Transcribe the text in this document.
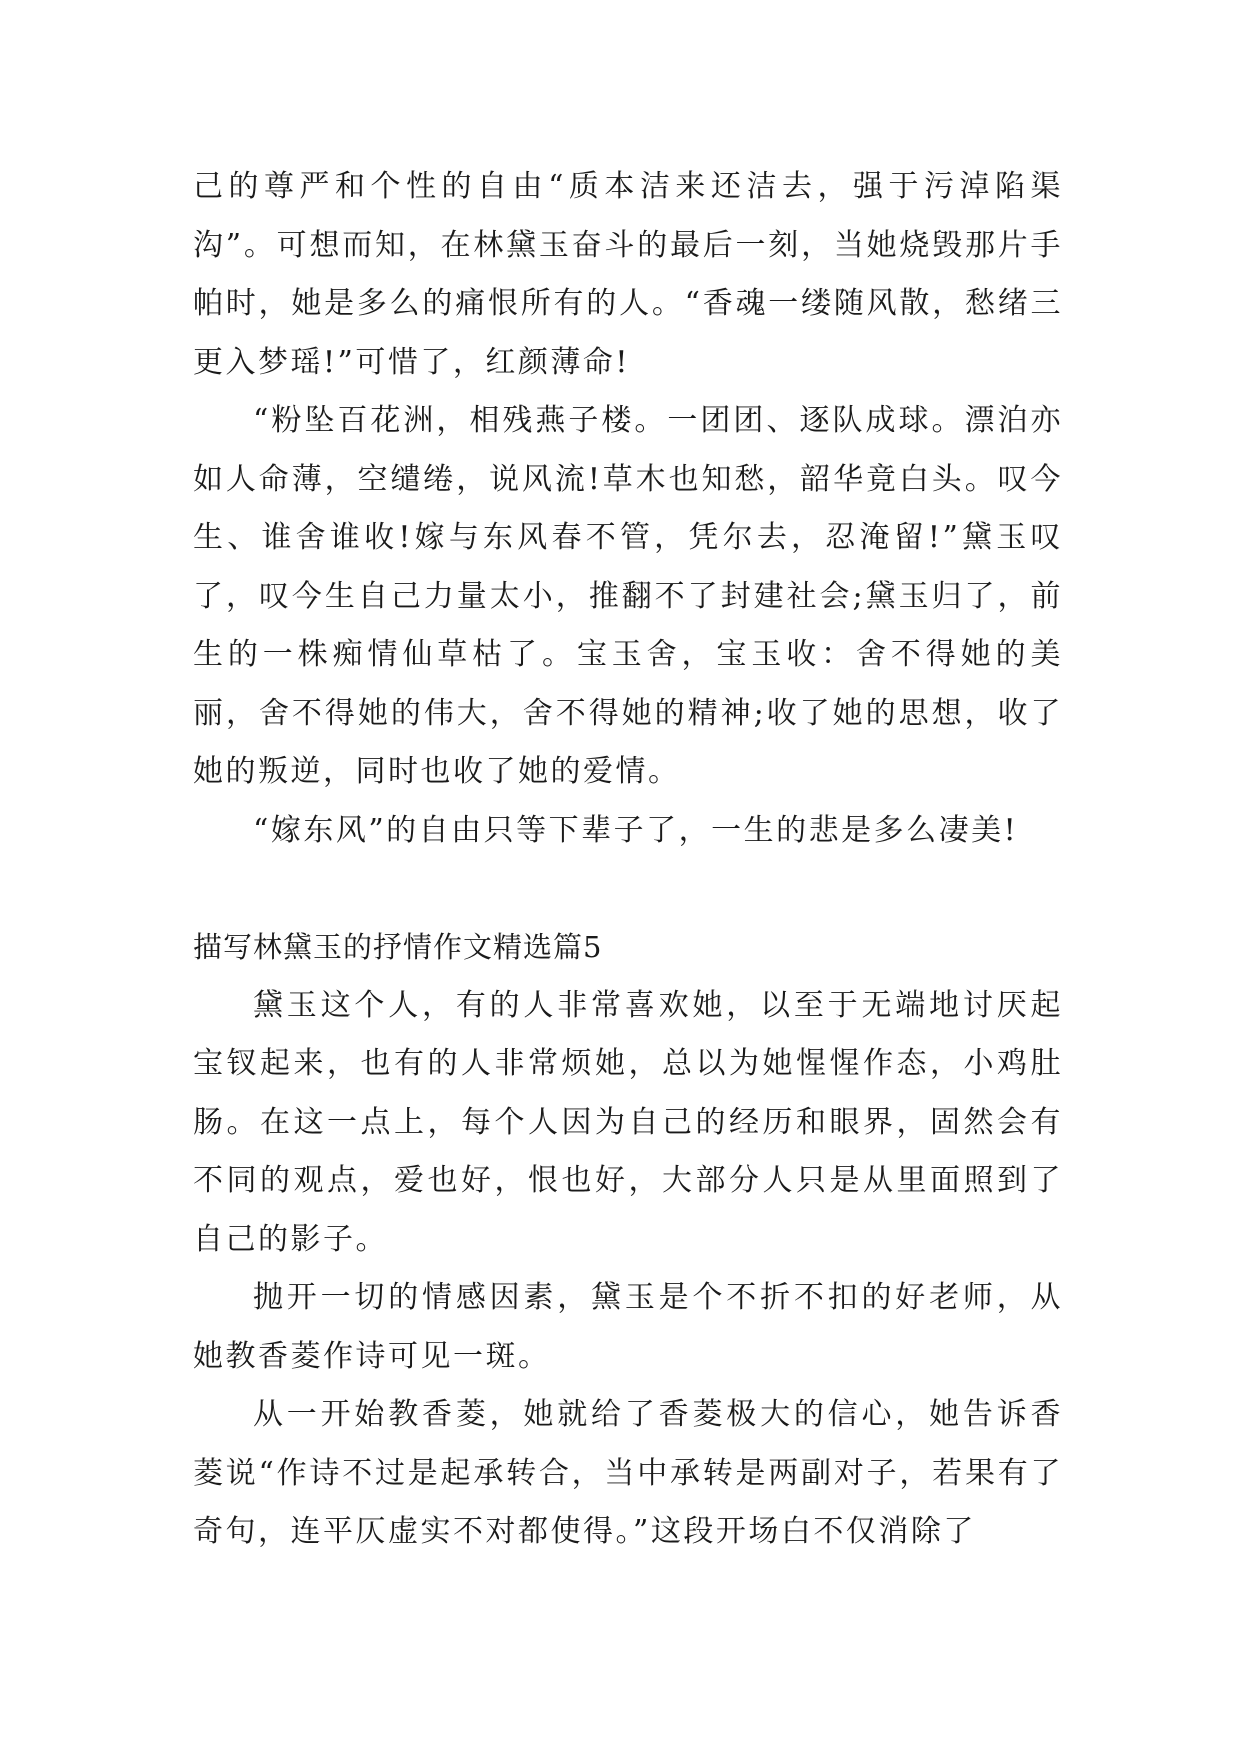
己的尊严和个性的自由“质本洁来还洁去，强于污淖陷渠沟”。可想而知，在林黛玉奋斗的最后一刻，当她烧毁那片手帕时，她是多么的痛恨所有的人。“香魂一缕随风散，愁绪三更入梦瑶!”可惜了，红颜薄命!

“粉坠百花洲，相残燕子楼。一团团、逐队成球。漂泊亦如人命薄，空缱绻，说风流!草木也知愁，韶华竟白头。叹今生、谁舍谁收!嫁与东风春不管，凭尔去，忍淹留!”黛玉叹了，叹今生自己力量太小，推翻不了封建社会;黛玉归了，前生的一株痴情仙草枯了。宝玉舍，宝玉收：舍不得她的美丽，舍不得她的伟大，舍不得她的精神;收了她的思想，收了她的叛逆，同时也收了她的爱情。

“嫁东风”的自由只等下辈子了，一生的悲是多么凄美!

描写林黛玉的抒情作文精选篇5

黛玉这个人，有的人非常喜欢她，以至于无端地讨厌起宝钗起来，也有的人非常烦她，总以为她惺惺作态，小鸡肚肠。在这一点上，每个人因为自己的经历和眼界，固然会有不同的观点，爱也好，恨也好，大部分人只是从里面照到了自己的影子。

抛开一切的情感因素，黛玉是个不折不扣的好老师，从她教香菱作诗可见一斑。

从一开始教香菱，她就给了香菱极大的信心，她告诉香菱说“作诗不过是起承转合，当中承转是两副对子，若果有了奇句，连平仄虚实不对都使得。”这段开场白不仅消除了
